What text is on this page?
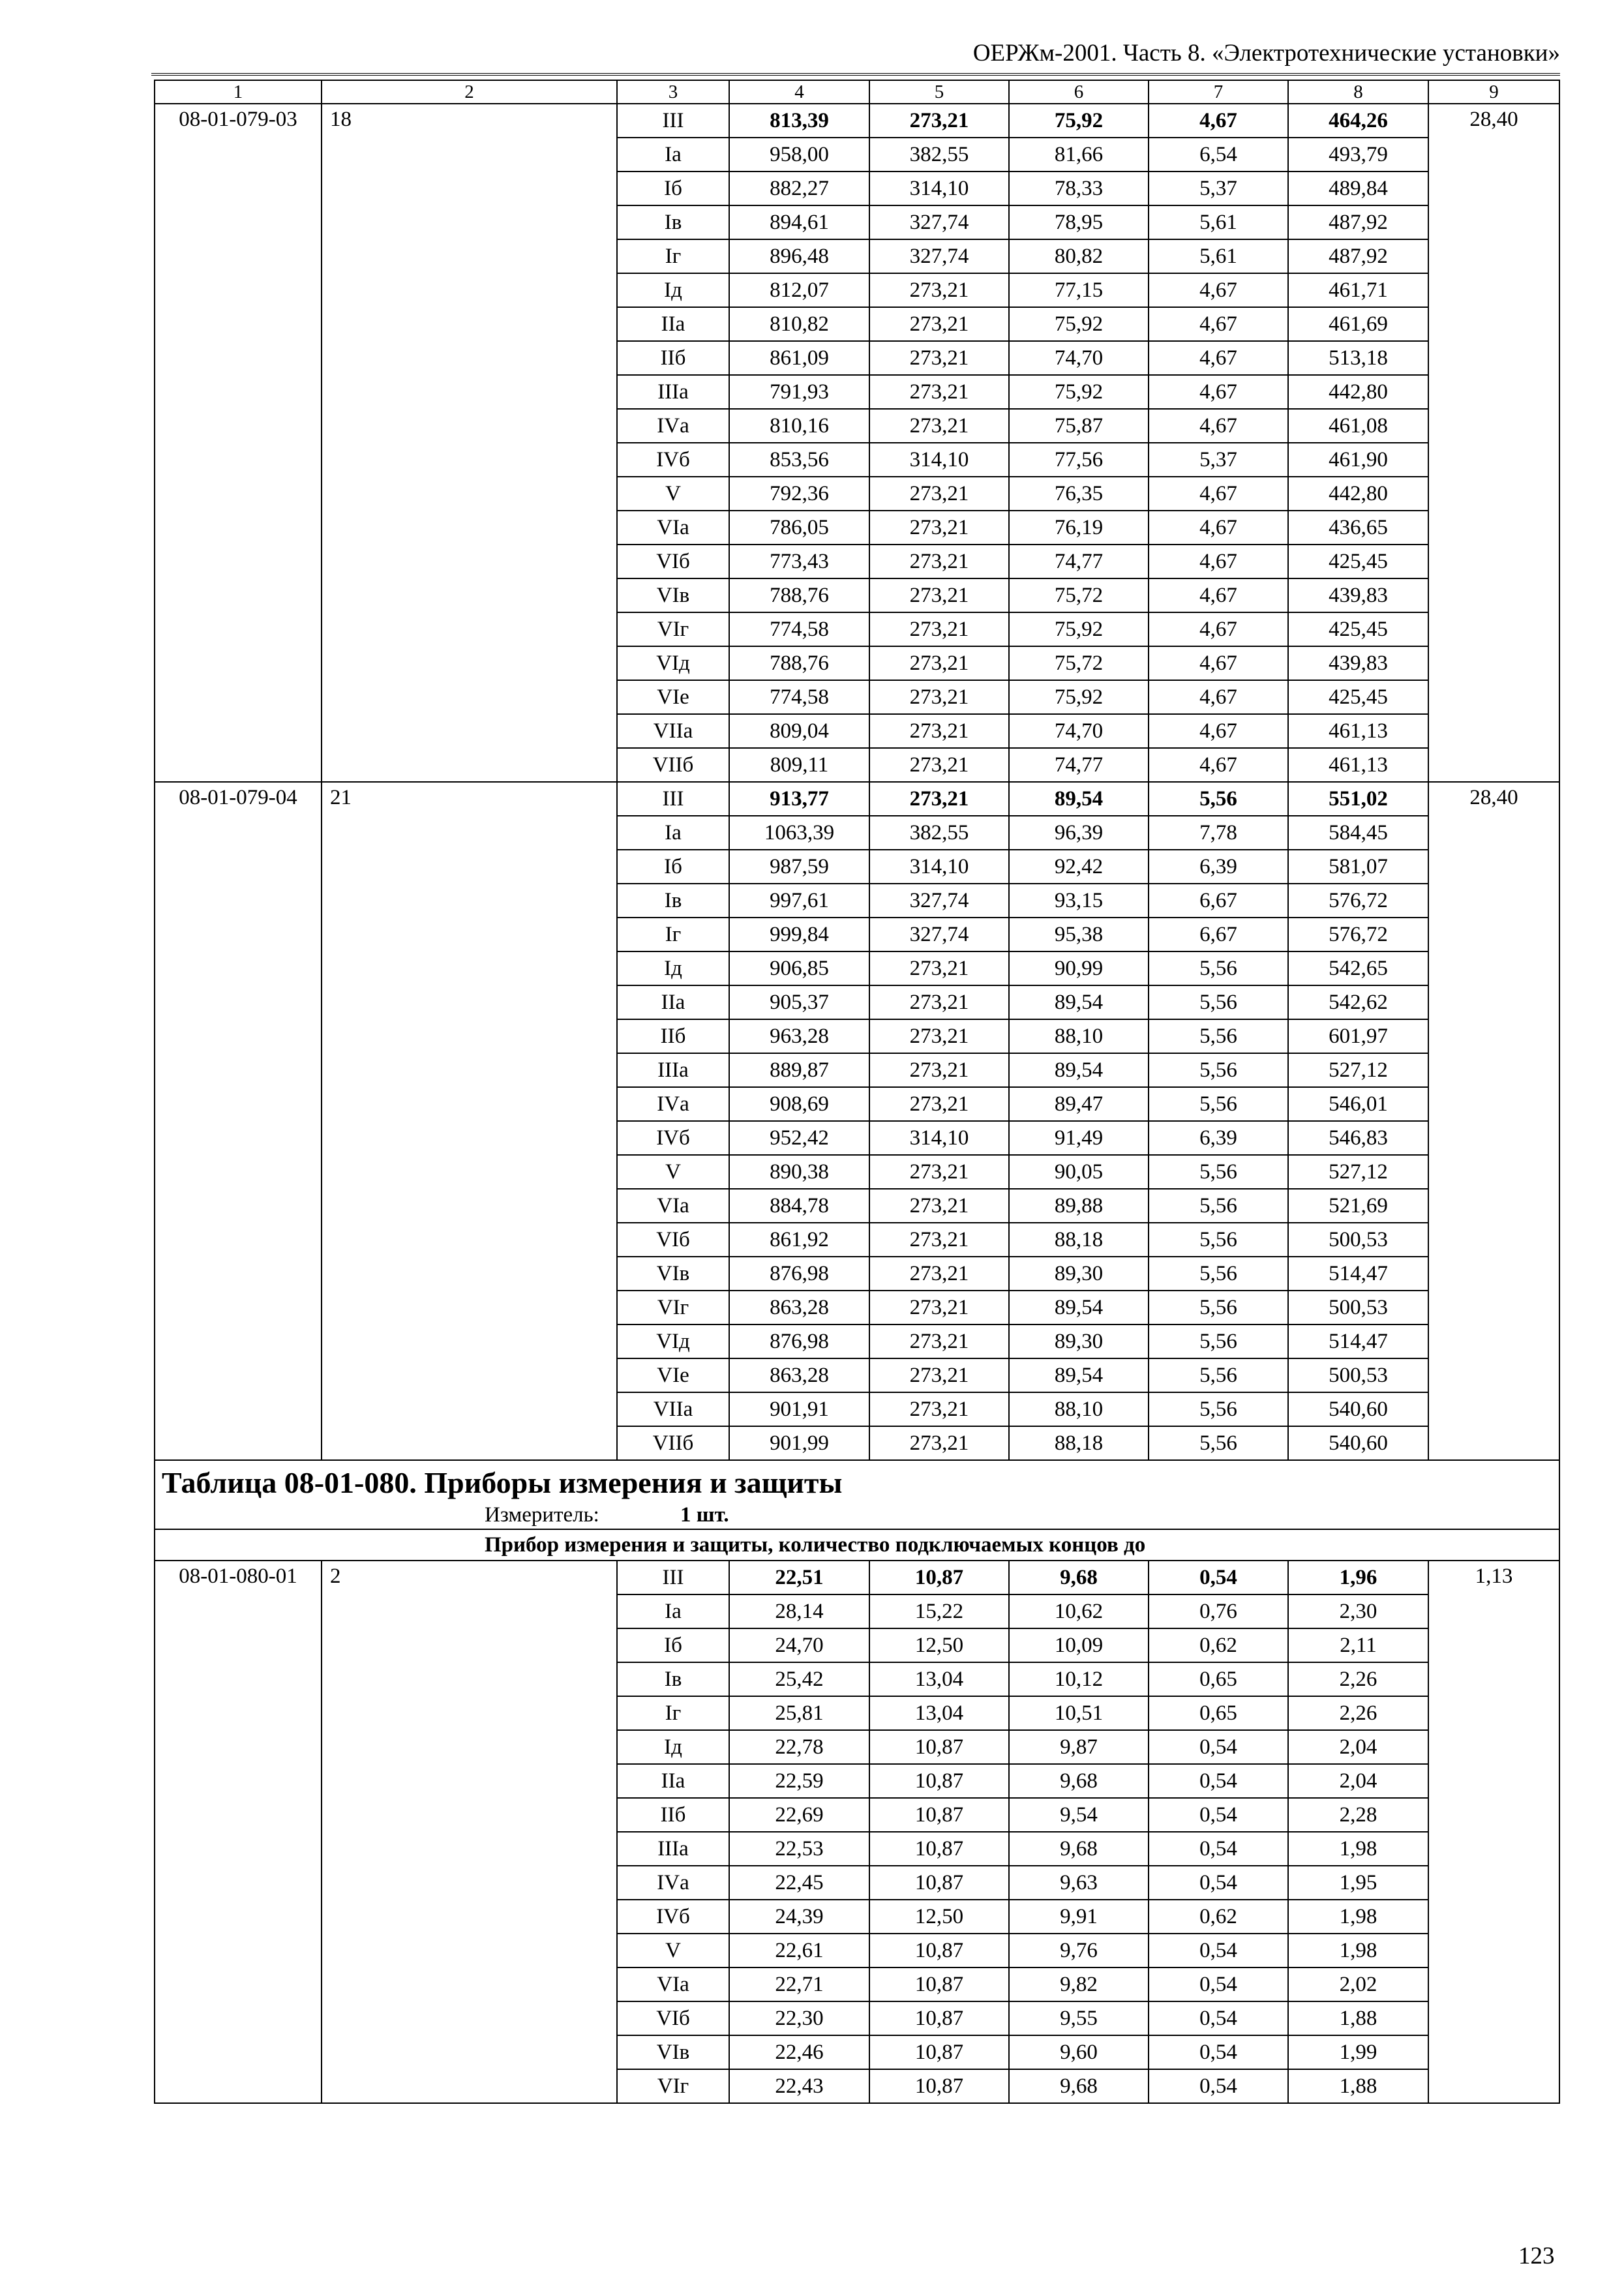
ОЕРЖм-2001. Часть 8. «Электротехнические установки»
1	2	3	4	5	6	7	8	9
08-01-079-03	18	III	813,39	273,21	75,92	4,67	464,26	28,40
		Iа	958,00	382,55	81,66	6,54	493,79	
		Iб	882,27	314,10	78,33	5,37	489,84	
		Iв	894,61	327,74	78,95	5,61	487,92	
		Iг	896,48	327,74	80,82	5,61	487,92	
		Iд	812,07	273,21	77,15	4,67	461,71	
		IIа	810,82	273,21	75,92	4,67	461,69	
		IIб	861,09	273,21	74,70	4,67	513,18	
		IIIа	791,93	273,21	75,92	4,67	442,80	
		IVа	810,16	273,21	75,87	4,67	461,08	
		IVб	853,56	314,10	77,56	5,37	461,90	
		V	792,36	273,21	76,35	4,67	442,80	
		VIа	786,05	273,21	76,19	4,67	436,65	
		VIб	773,43	273,21	74,77	4,67	425,45	
		VIв	788,76	273,21	75,72	4,67	439,83	
		VIг	774,58	273,21	75,92	4,67	425,45	
		VIд	788,76	273,21	75,72	4,67	439,83	
		VIе	774,58	273,21	75,92	4,67	425,45	
		VIIа	809,04	273,21	74,70	4,67	461,13	
		VIIб	809,11	273,21	74,77	4,67	461,13	
08-01-079-04	21	III	913,77	273,21	89,54	5,56	551,02	28,40
		Iа	1063,39	382,55	96,39	7,78	584,45	
		Iб	987,59	314,10	92,42	6,39	581,07	
		Iв	997,61	327,74	93,15	6,67	576,72	
		Iг	999,84	327,74	95,38	6,67	576,72	
		Iд	906,85	273,21	90,99	5,56	542,65	
		IIа	905,37	273,21	89,54	5,56	542,62	
		IIб	963,28	273,21	88,10	5,56	601,97	
		IIIа	889,87	273,21	89,54	5,56	527,12	
		IVа	908,69	273,21	89,47	5,56	546,01	
		IVб	952,42	314,10	91,49	6,39	546,83	
		V	890,38	273,21	90,05	5,56	527,12	
		VIа	884,78	273,21	89,88	5,56	521,69	
		VIб	861,92	273,21	88,18	5,56	500,53	
		VIв	876,98	273,21	89,30	5,56	514,47	
		VIг	863,28	273,21	89,54	5,56	500,53	
		VIд	876,98	273,21	89,30	5,56	514,47	
		VIе	863,28	273,21	89,54	5,56	500,53	
		VIIа	901,91	273,21	88,10	5,56	540,60	
		VIIб	901,99	273,21	88,18	5,56	540,60	

Таблица 08-01-080. Приборы измерения и защиты
Измеритель: 1 шт.								

Прибор измерения и защиты, количество подключаемых концов до								
08-01-080-01	2	III	22,51	10,87	9,68	0,54	1,96	1,13
		Iа	28,14	15,22	10,62	0,76	2,30	
		Iб	24,70	12,50	10,09	0,62	2,11	
		Iв	25,42	13,04	10,12	0,65	2,26	
		Iг	25,81	13,04	10,51	0,65	2,26	
		Iд	22,78	10,87	9,87	0,54	2,04	
		IIа	22,59	10,87	9,68	0,54	2,04	
		IIб	22,69	10,87	9,54	0,54	2,28	
		IIIа	22,53	10,87	9,68	0,54	1,98	
		IVа	22,45	10,87	9,63	0,54	1,95	
		IVб	24,39	12,50	9,91	0,62	1,98	
		V	22,61	10,87	9,76	0,54	1,98	
		VIа	22,71	10,87	9,82	0,54	2,02	
		VIб	22,30	10,87	9,55	0,54	1,88	
		VIв	22,46	10,87	9,60	0,54	1,99	
		VIг	22,43	10,87	9,68	0,54	1,88	
123
